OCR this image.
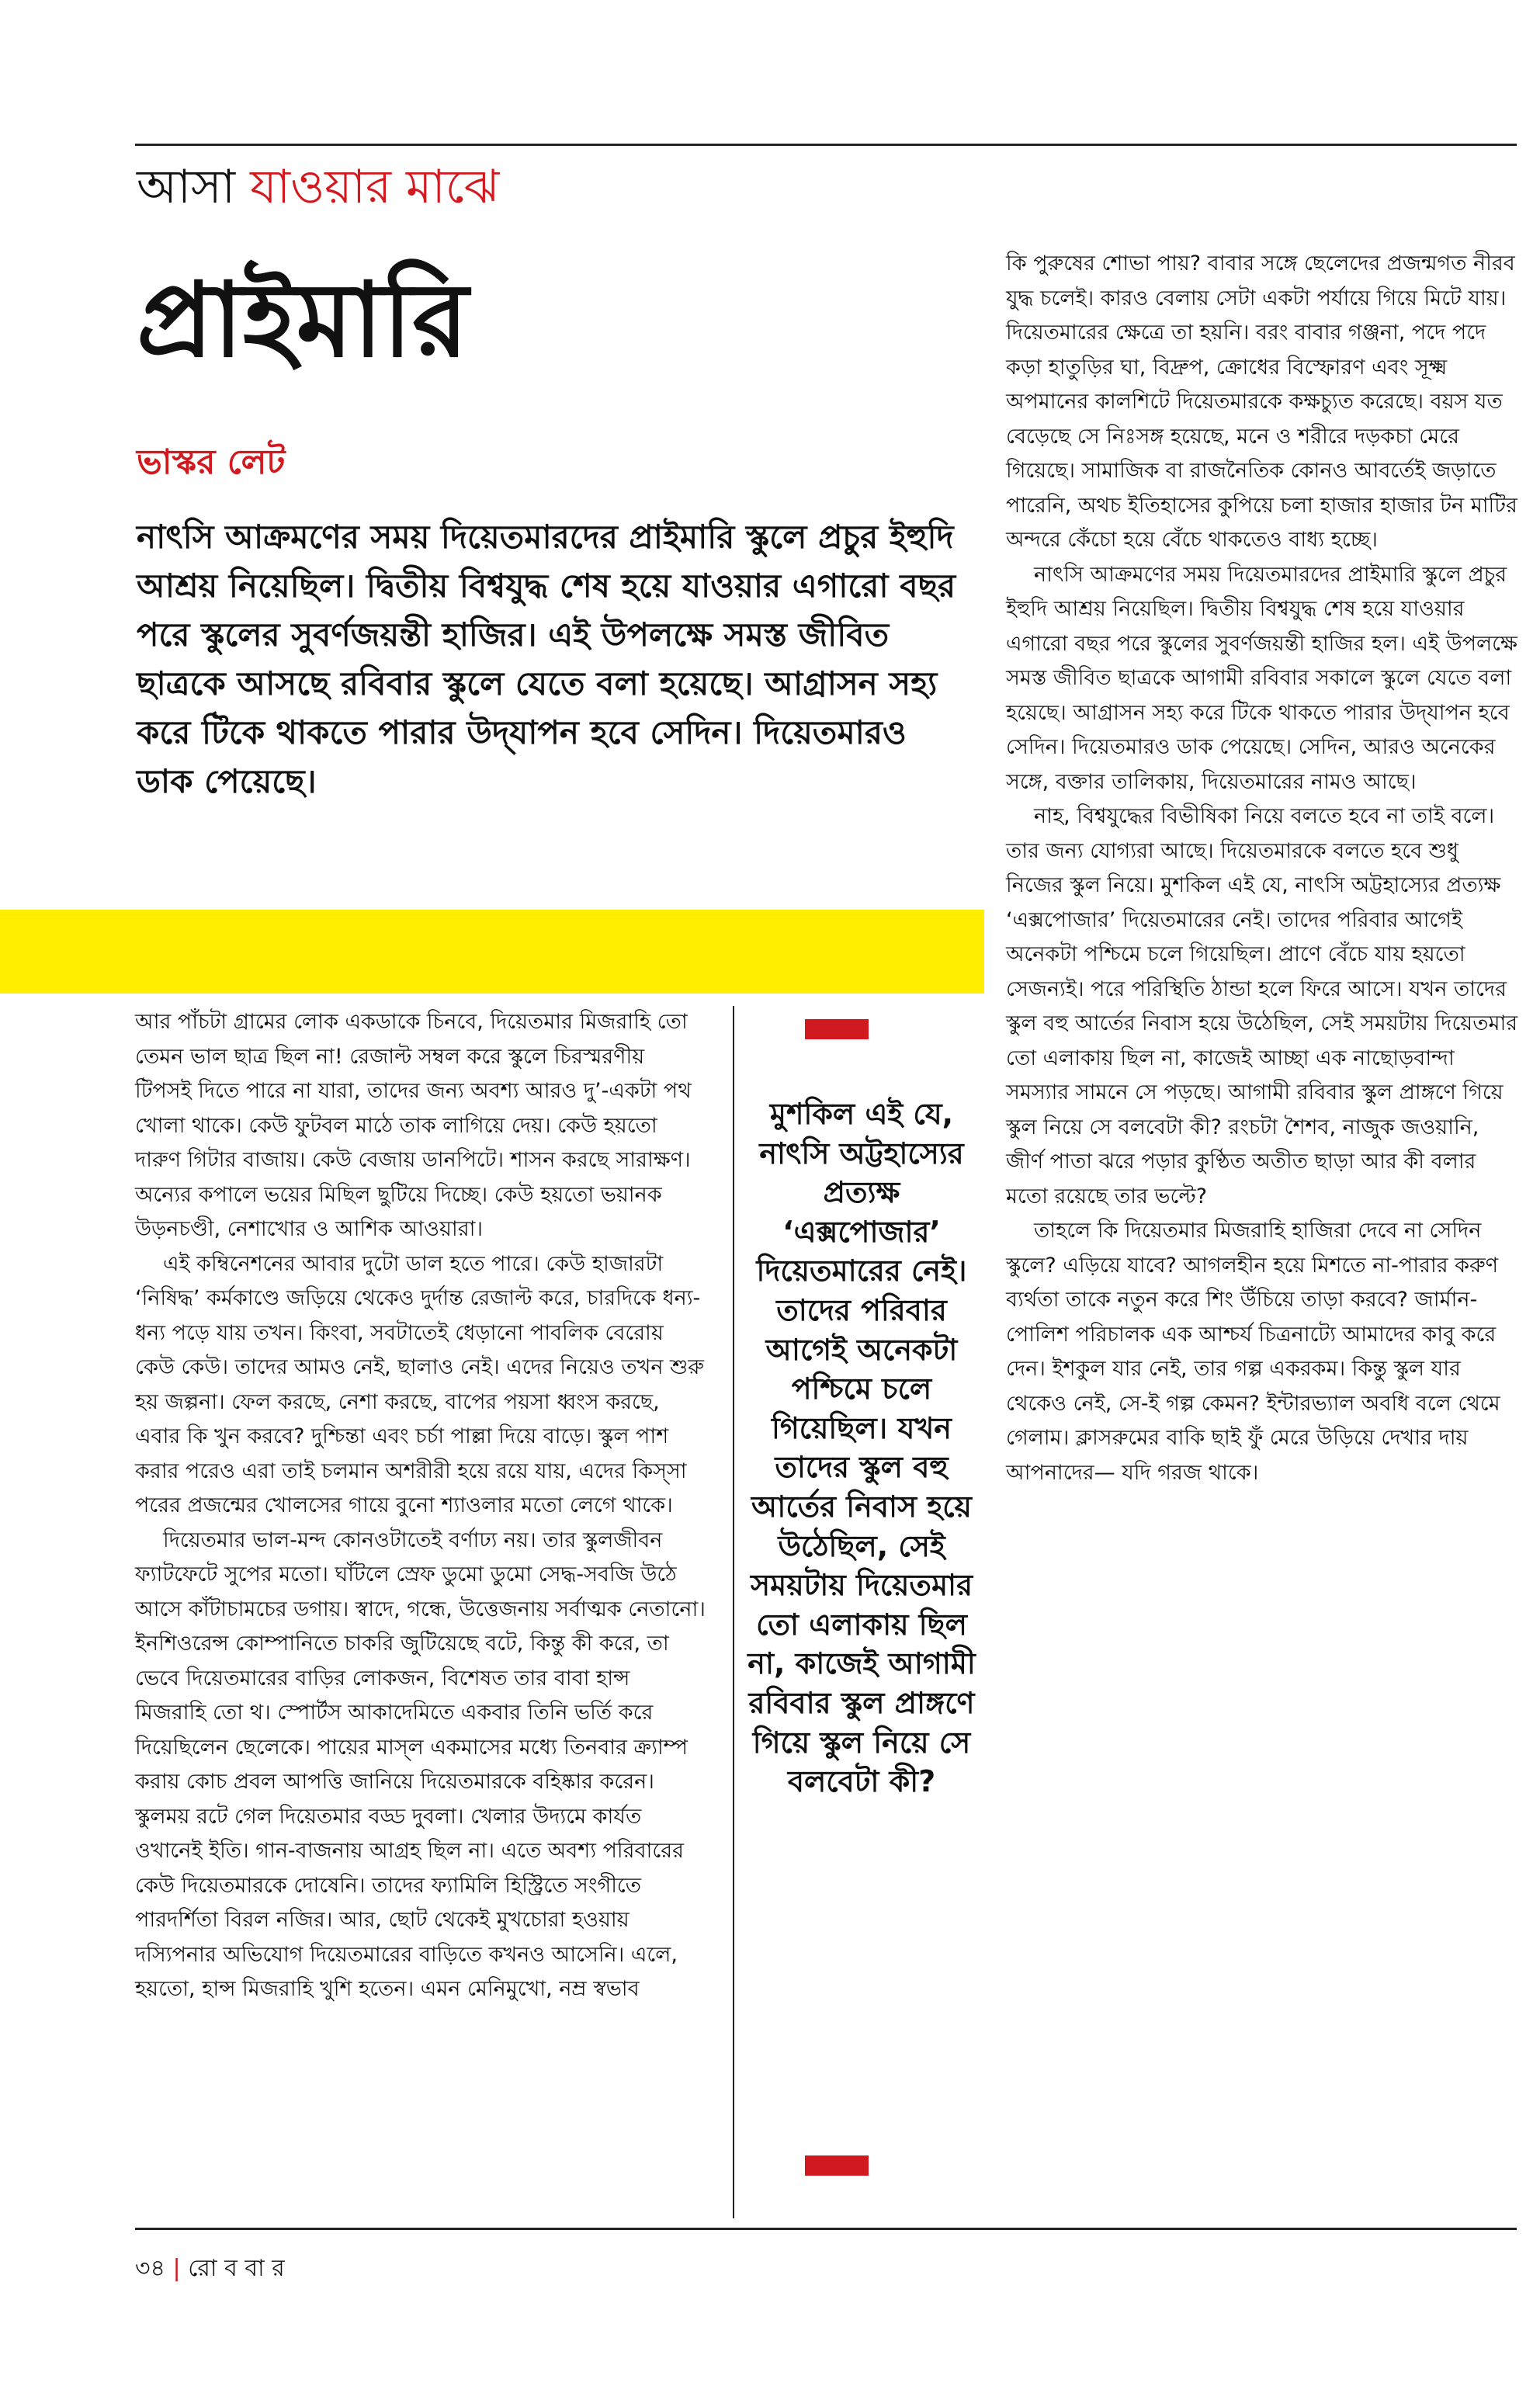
আসা যাওয়ার মাঝে
প্রাইমারি
ভাস্কর লেট

নাৎসি আক্রমণের সময় দিয়েতমারদের প্রাইমারি স্কুলে প্রচুর ইহুদি আশ্রয় নিয়েছিল। দ্বিতীয় বিশ্বযুদ্ধ শেষ হয়ে যাওয়ার এগারো বছর পরে স্কুলের সুবর্ণজয়ন্তী হাজির। এই উপলক্ষে সমস্ত জীবিত ছাত্রকে আসছে রবিবার স্কুলে যেতে বলা হয়েছে। আগ্রাসন সহ্য করে টিকে থাকতে পারার উদ্‌যাপন হবে সেদিন। দিয়েতমারও ডাক পেয়েছে।

কি পুরুষের শোভা পায়? বাবার সঙ্গে ছেলেদের প্রজন্মগত নীরব যুদ্ধ চলেই। কারও বেলায় সেটা একটা পর্যায়ে গিয়ে মিটে যায়। দিয়েতমারের ক্ষেত্রে তা হয়নি। বরং বাবার গঞ্জনা, পদে পদে কড়া হাতুড়ির ঘা, বিদ্রুপ, ক্রোধের বিস্ফোরণ এবং সূক্ষ্ম অপমানের কালশিটে দিয়েতমারকে কক্ষচ্যুত করেছে। বয়স যত বেড়েছে সে নিঃসঙ্গ হয়েছে, মনে ও শরীরে দড়কচা মেরে গিয়েছে। সামাজিক বা রাজনৈতিক কোনও আবর্তেই জড়াতে পারেনি, অথচ ইতিহাসের কুপিয়ে চলা হাজার হাজার টন মাটির অন্দরে কেঁচো হয়ে বেঁচে থাকতেও বাধ্য হচ্ছে।

নাৎসি আক্রমণের সময় দিয়েতমারদের প্রাইমারি স্কুলে প্রচুর ইহুদি আশ্রয় নিয়েছিল। দ্বিতীয় বিশ্বযুদ্ধ শেষ হয়ে যাওয়ার এগারো বছর পরে স্কুলের সুবর্ণজয়ন্তী হাজির হল। এই উপলক্ষে সমস্ত জীবিত ছাত্রকে আগামী রবিবার সকালে স্কুলে যেতে বলা হয়েছে। আগ্রাসন সহ্য করে টিকে থাকতে পারার উদ্‌যাপন হবে সেদিন। দিয়েতমারও ডাক পেয়েছে। সেদিন, আরও অনেকের সঙ্গে, বক্তার তালিকায়, দিয়েতমারের নামও আছে।

নাহ, বিশ্বযুদ্ধের বিভীষিকা নিয়ে বলতে হবে না তাই বলে। তার জন্য যোগ্যরা আছে। দিয়েতমারকে বলতে হবে শুধু নিজের স্কুল নিয়ে। মুশকিল এই যে, নাৎসি অট্টহাস্যের প্রত্যক্ষ ‘এক্সপোজার’ দিয়েতমারের নেই। তাদের পরিবার আগেই অনেকটা পশ্চিমে চলে গিয়েছিল। প্রাণে বেঁচে যায় হয়তো সেজন্যই। পরে পরিস্থিতি ঠান্ডা হলে ফিরে আসে। যখন তাদের স্কুল বহু আর্তের নিবাস হয়ে উঠেছিল, সেই সময়টায় দিয়েতমার তো এলাকায় ছিল না, কাজেই আচ্ছা এক নাছোড়বান্দা সমস্যার সামনে সে পড়ছে। আগামী রবিবার স্কুল প্রাঙ্গণে গিয়ে স্কুল নিয়ে সে বলবেটা কী? রংচটা শৈশব, নাজুক জওয়ানি, জীর্ণ পাতা ঝরে পড়ার কুণ্ঠিত অতীত ছাড়া আর কী বলার মতো রয়েছে তার ভল্টে?

তাহলে কি দিয়েতমার মিজরাহি হাজিরা দেবে না সেদিন স্কুলে? এড়িয়ে যাবে? আগলহীন হয়ে মিশতে না-পারার করুণ ব্যর্থতা তাকে নতুন করে শিং উঁচিয়ে তাড়া করবে? জার্মান-পোলিশ পরিচালক এক আশ্চর্য চিত্রনাট্যে আমাদের কাবু করে দেন। ইশকুল যার নেই, তার গল্প একরকম। কিন্তু স্কুল যার থেকেও নেই, সে-ই গল্প কেমন? ইন্টারভ্যাল অবধি বলে থেমে গেলাম। ক্লাসরুমের বাকি ছাই ফুঁ মেরে উড়িয়ে দেখার দায় আপনাদের— যদি গরজ থাকে।

আর পাঁচটা গ্রামের লোক একডাকে চিনবে, দিয়েতমার মিজরাহি তো তেমন ভাল ছাত্র ছিল না! রেজাল্ট সম্বল করে স্কুলে চিরস্মরণীয় টিপসই দিতে পারে না যারা, তাদের জন্য অবশ্য আরও দু’-একটা পথ খোলা থাকে। কেউ ফুটবল মাঠে তাক লাগিয়ে দেয়। কেউ হয়তো দারুণ গিটার বাজায়। কেউ বেজায় ডানপিটে। শাসন করছে সারাক্ষণ। অন্যের কপালে ভয়ের মিছিল ছুটিয়ে দিচ্ছে। কেউ হয়তো ভয়ানক উড়নচণ্ডী, নেশাখোর ও আশিক আওয়ারা।

এই কম্বিনেশনের আবার দুটো ডাল হতে পারে। কেউ হাজারটা ‘নিষিদ্ধ’ কর্মকাণ্ডে জড়িয়ে থেকেও দুর্দান্ত রেজাল্ট করে, চারদিকে ধন্য-ধন্য পড়ে যায় তখন। কিংবা, সবটাতেই ধেড়ানো পাবলিক বেরোয় কেউ কেউ। তাদের আমও নেই, ছালাও নেই। এদের নিয়েও তখন শুরু হয় জল্পনা। ফেল করছে, নেশা করছে, বাপের পয়সা ধ্বংস করছে, এবার কি খুন করবে? দুশ্চিন্তা এবং চর্চা পাল্লা দিয়ে বাড়ে। স্কুল পাশ করার পরেও এরা তাই চলমান অশরীরী হয়ে রয়ে যায়, এদের কিস্সা পরের প্রজন্মের খোলসের গায়ে বুনো শ্যাওলার মতো লেগে থাকে।

দিয়েতমার ভাল-মন্দ কোনওটাতেই বর্ণাঢ্য নয়। তার স্কুলজীবন ফ্যাটফেটে সুপের মতো। ঘাঁটলে স্রেফ ডুমো ডুমো সেদ্ধ-সবজি উঠে আসে কাঁটাচামচের ডগায়। স্বাদে, গন্ধে, উত্তেজনায় সর্বাত্মক নেতানো। ইনশিওরেন্স কোম্পানিতে চাকরি জুটিয়েছে বটে, কিন্তু কী করে, তা ভেবে দিয়েতমারের বাড়ির লোকজন, বিশেষত তার বাবা হান্স মিজরাহি তো থ। স্পোর্টস আকাদেমিতে একবার তিনি ভর্তি করে দিয়েছিলেন ছেলেকে। পায়ের মাস্‌ল একমাসের মধ্যে তিনবার ক্র্যাম্প করায় কোচ প্রবল আপত্তি জানিয়ে দিয়েতমারকে বহিষ্কার করেন। স্কুলময় রটে গেল দিয়েতমার বড্ড দুবলা। খেলার উদ্যমে কার্যত ওখানেই ইতি। গান-বাজনায় আগ্রহ ছিল না। এতে অবশ্য পরিবারের কেউ দিয়েতমারকে দোষেনি। তাদের ফ্যামিলি হিস্ট্রিতে সংগীতে পারদর্শিতা বিরল নজির। আর, ছোট থেকেই মুখচোরা হওয়ায় দস্যিপনার অভিযোগ দিয়েতমারের বাড়িতে কখনও আসেনি। এলে, হয়তো, হান্স মিজরাহি খুশি হতেন। এমন মেনিমুখো, নম্র স্বভাব

মুশকিল এই যে, নাৎসি অট্টহাস্যের প্রত্যক্ষ ‘এক্সপোজার’ দিয়েতমারের নেই। তাদের পরিবার আগেই অনেকটা পশ্চিমে চলে গিয়েছিল। যখন তাদের স্কুল বহু আর্তের নিবাস হয়ে উঠেছিল, সেই সময়টায় দিয়েতমার তো এলাকায় ছিল না, কাজেই আগামী রবিবার স্কুল প্রাঙ্গণে গিয়ে স্কুল নিয়ে সে বলবেটা কী?

৩৪ | রো ব বা র
